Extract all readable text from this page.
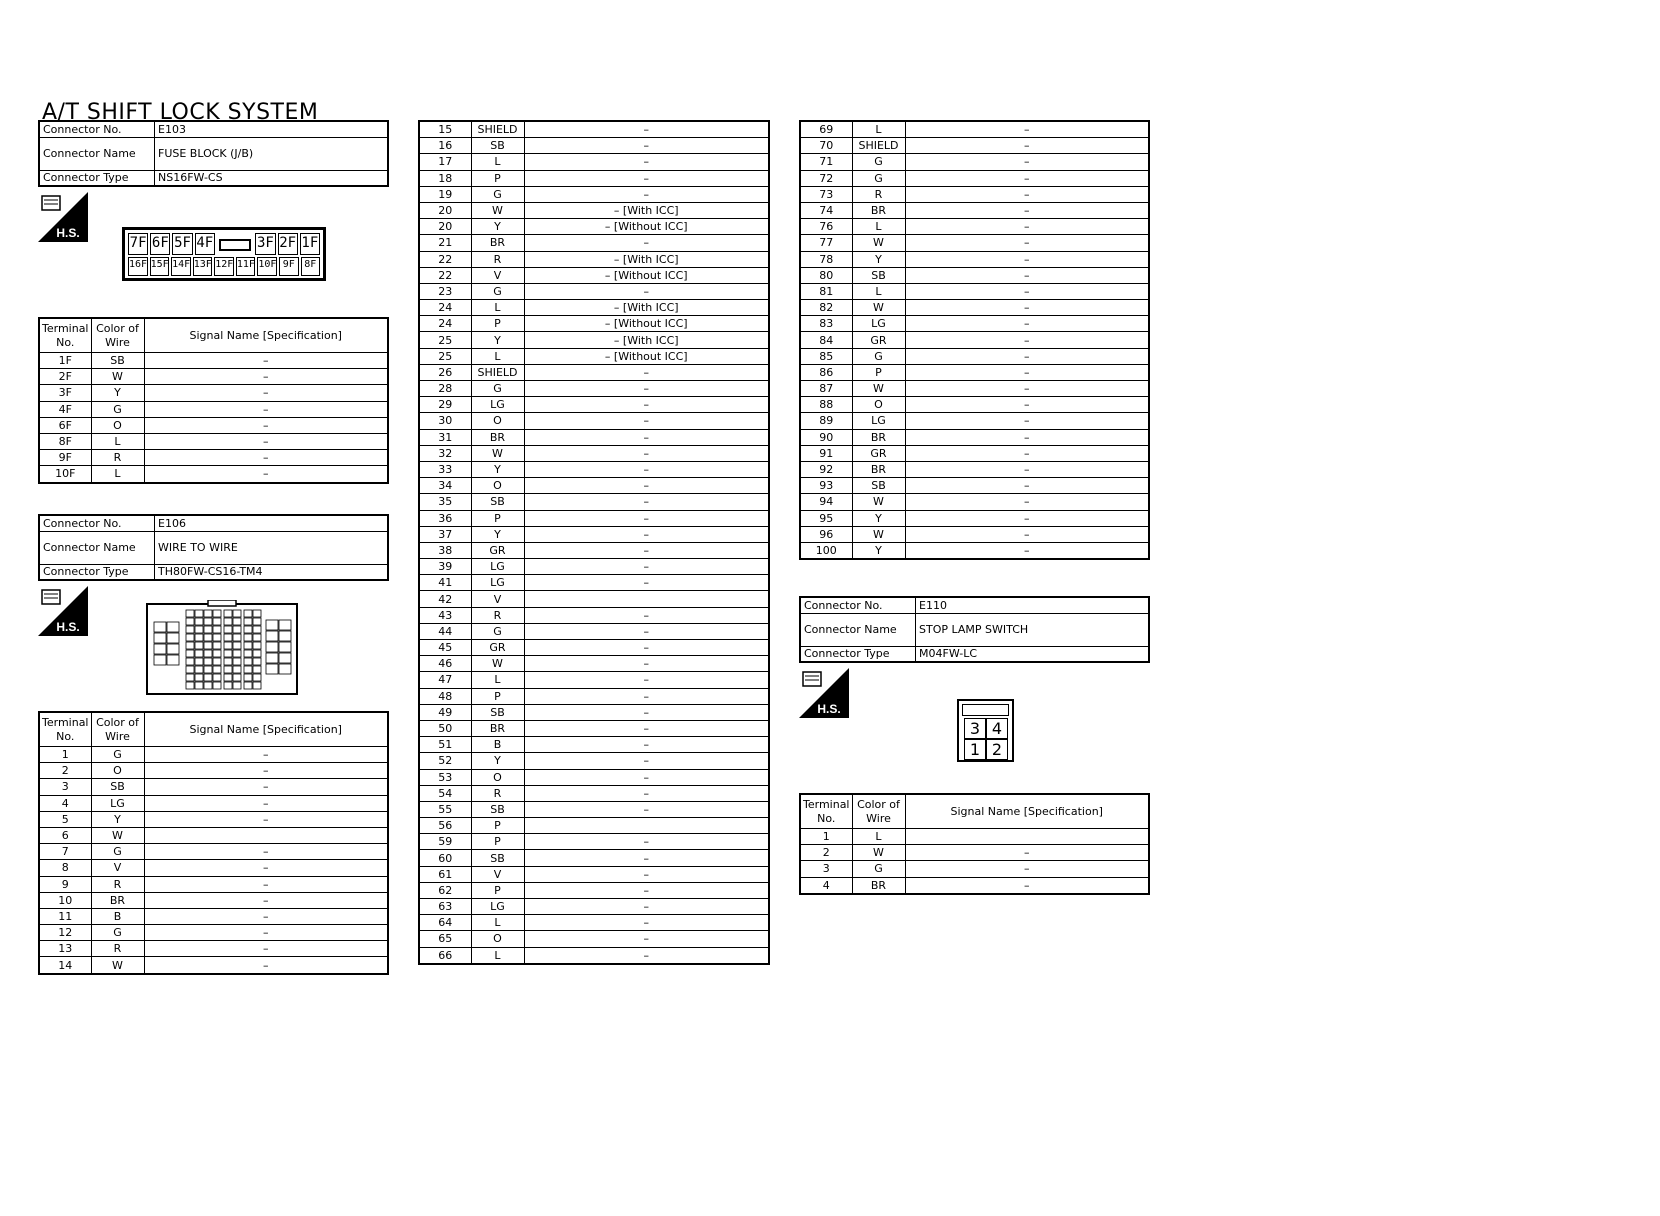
A/T SHIFT LOCK SYSTEM
Connector No.	E103
Connector Name	FUSE BLOCK (J/B)
Connector Type	NS16FW-CS
H.S.
7F 6F 5F 4F	3F 2F 1F
16F 15F 14F 13F 12F 11F 10F 9F 8F
Terminal No.	Color of Wire	Signal Name [Specification]
1F	SB	–
2F	W	–
3F	Y	–
4F	G	–
6F	O	–
8F	L	–
9F	R	–
10F	L	–
Connector No.	E106
Connector Name	WIRE TO WIRE
Connector Type	TH80FW-CS16-TM4
H.S.
Terminal No.	Color of Wire	Signal Name [Specification]
1	G	–
2	O	–
3	SB	–
4	LG	–
5	Y	–
6	W	
7	G	–
8	V	–
9	R	–
10	BR	–
11	B	–
12	G	–
13	R	–
14	W	–
15	SHIELD	–
16	SB	–
17	L	–
18	P	–
19	G	–
20	W	– [With ICC]
20	Y	– [Without ICC]
21	BR	–
22	R	– [With ICC]
22	V	– [Without ICC]
23	G	–
24	L	– [With ICC]
24	P	– [Without ICC]
25	Y	– [With ICC]
25	L	– [Without ICC]
26	SHIELD	–
28	G	–
29	LG	–
30	O	–
31	BR	–
32	W	–
33	Y	–
34	O	–
35	SB	–
36	P	–
37	Y	–
38	GR	–
39	LG	–
41	LG	–
42	V	
43	R	–
44	G	–
45	GR	–
46	W	–
47	L	–
48	P	–
49	SB	–
50	BR	–
51	B	–
52	Y	–
53	O	–
54	R	–
55	SB	–
56	P	
59	P	–
60	SB	–
61	V	–
62	P	–
63	LG	–
64	L	–
65	O	–
66	L	–
69	L	–
70	SHIELD	–
71	G	–
72	G	–
73	R	–
74	BR	–
76	L	–
77	W	–
78	Y	–
80	SB	–
81	L	–
82	W	–
83	LG	–
84	GR	–
85	G	–
86	P	–
87	W	–
88	O	–
89	LG	–
90	BR	–
91	GR	–
92	BR	–
93	SB	–
94	W	–
95	Y	–
96	W	–
100	Y	–
Connector No.	E110
Connector Name	STOP LAMP SWITCH
Connector Type	M04FW-LC
H.S.
3 4
1 2
Terminal No.	Color of Wire	Signal Name [Specification]
1	L	
2	W	–
3	G	–
4	BR	–
